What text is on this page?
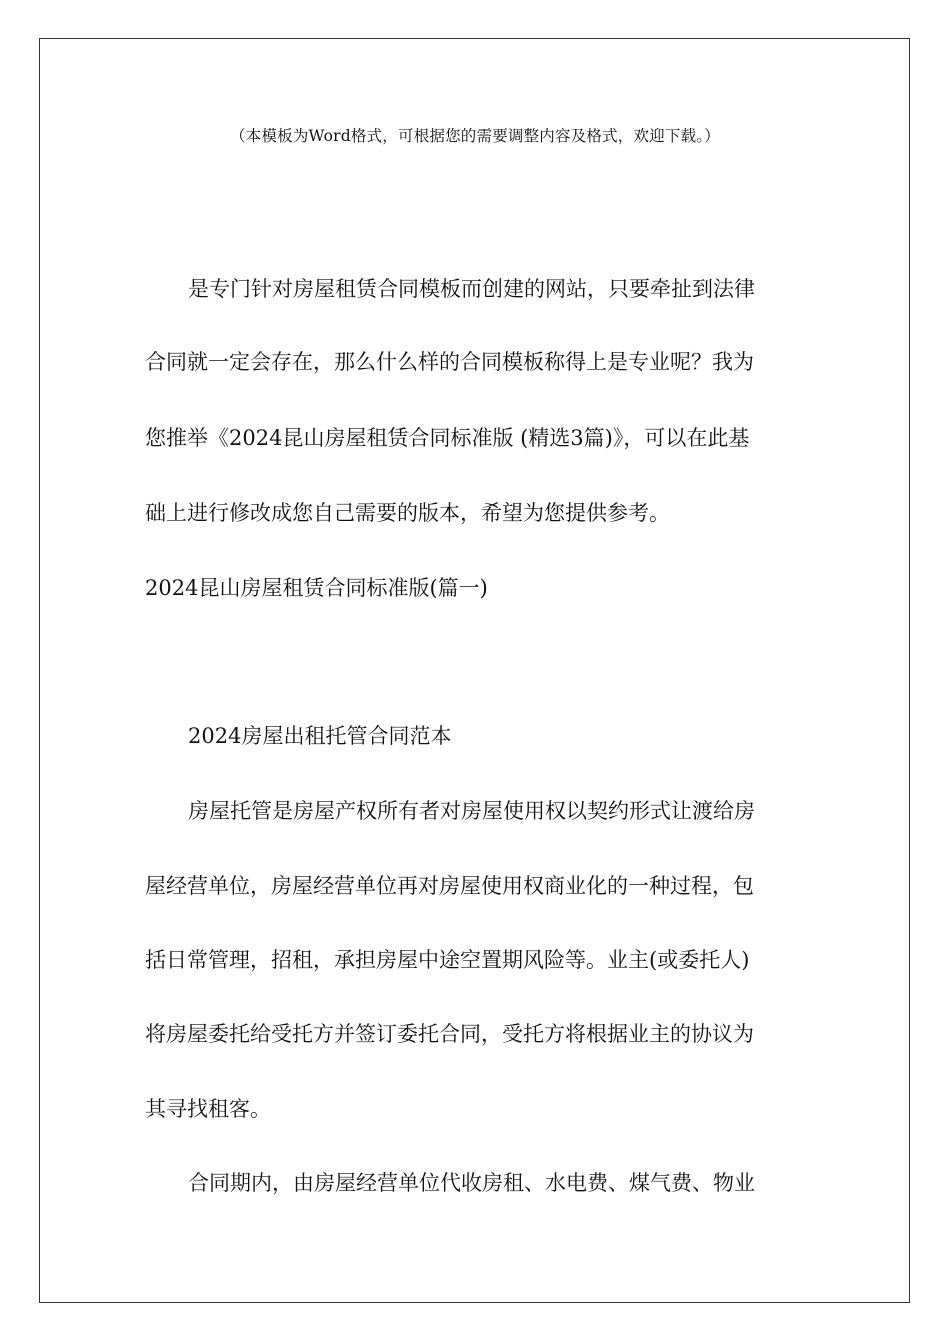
（本模板为Word格式，可根据您的需要调整内容及格式，欢迎下载。）
是专门针对房屋租赁合同模板而创建的网站，只要牵扯到法律
合同就一定会存在，那么什么样的合同模板称得上是专业呢？我为
您推举《2024昆山房屋租赁合同标准版 (精选3篇)》，可以在此基
础上进行修改成您自己需要的版本，希望为您提供参考。
2024昆山房屋租赁合同标准版(篇一)
2024房屋出租托管合同范本
房屋托管是房屋产权所有者对房屋使用权以契约形式让渡给房
屋经营单位，房屋经营单位再对房屋使用权商业化的一种过程，包
括日常管理，招租，承担房屋中途空置期风险等。业主(或委托人)
将房屋委托给受托方并签订委托合同，受托方将根据业主的协议为
其寻找租客。
合同期内，由房屋经营单位代收房租、水电费、煤气费、物业
